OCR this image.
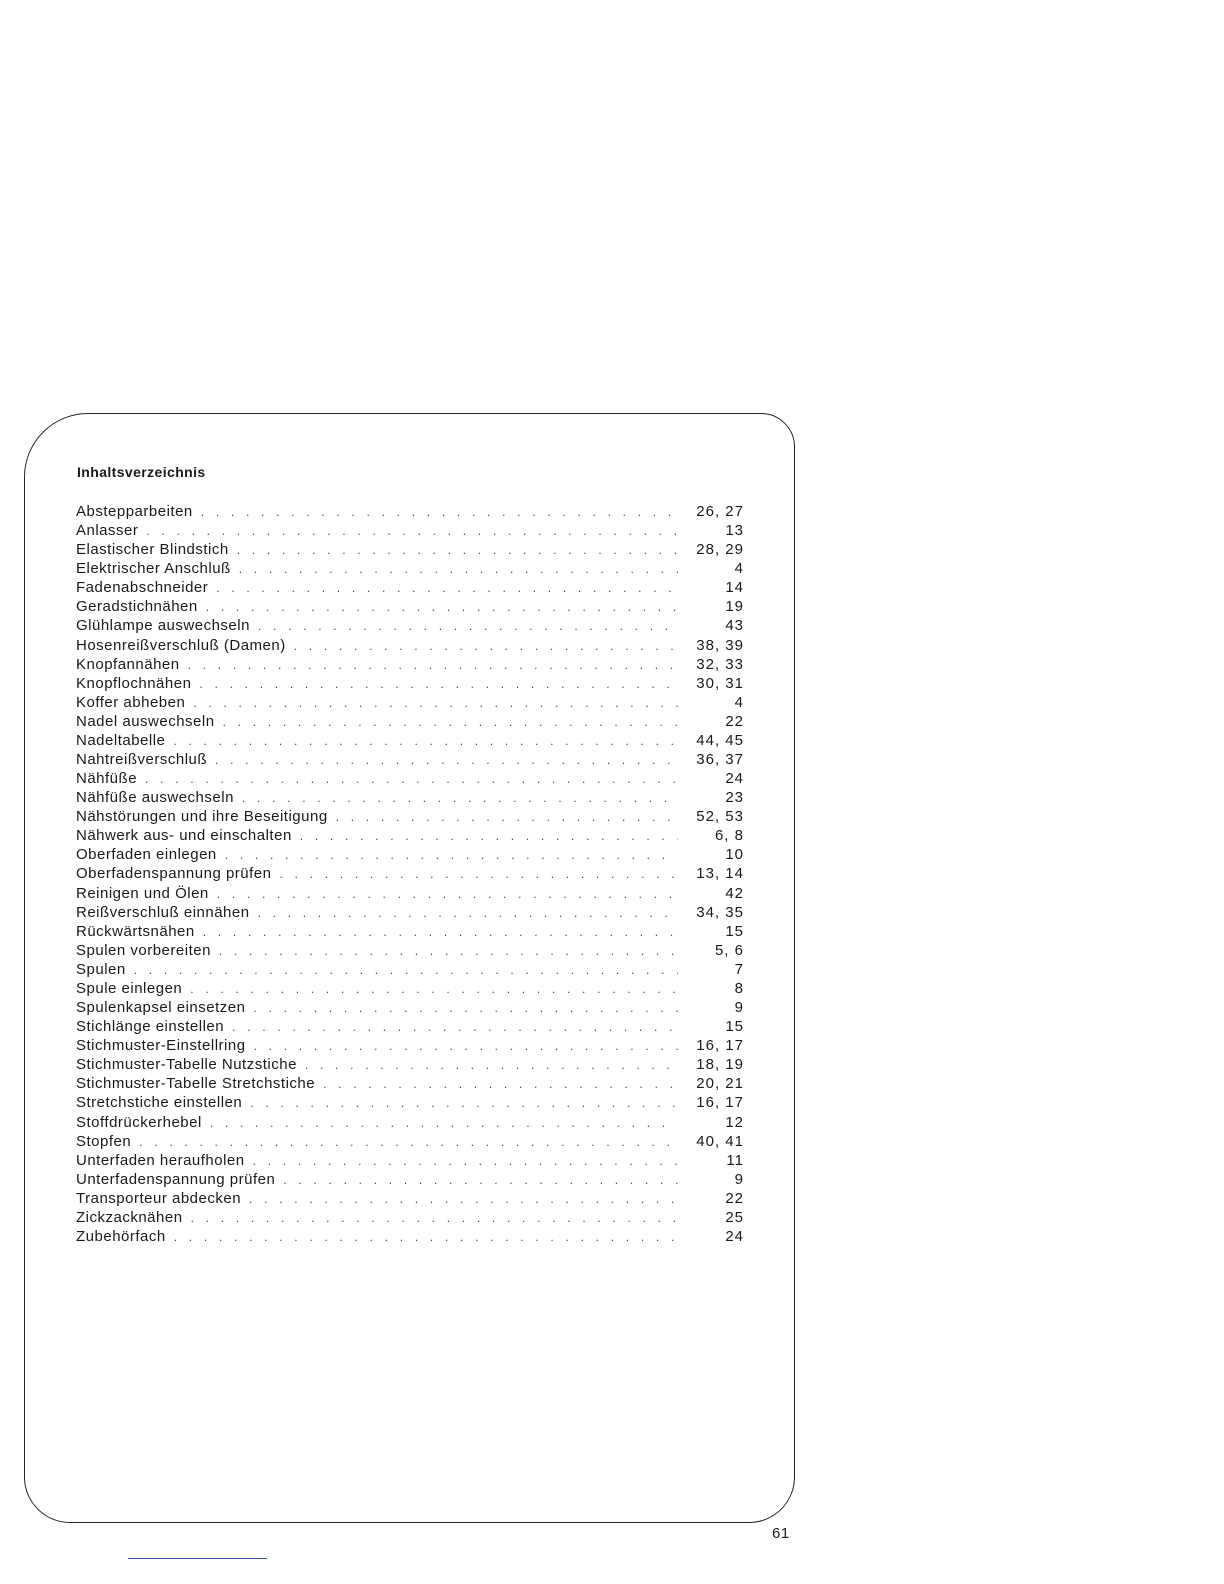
Inhaltsverzeichnis
Abstepparbeiten . . .	26, 27
Anlasser . . .	13
Elastischer Blindstich . . .	28, 29
Elektrischer Anschluß . . .	4
Fadenabschneider . . .	14
Geradstichnähen . . .	19
Glühlampe auswechseln . . .	43
Hosenreißverschluß (Damen) . . .	38, 39
Knopfannähen . . .	32, 33
Knopflochnähen . . .	30, 31
Koffer abheben . . .	4
Nadel auswechseln . . .	22
Nadeltabelle . . .	44, 45
Nahtreißverschluß . . .	36, 37
Nähfüße . . .	24
Nähfüße auswechseln . . .	23
Nähstörungen und ihre Beseitigung . . .	52, 53
Nähwerk aus- und einschalten . . .	6, 8
Oberfaden einlegen . . .	10
Oberfadenspannung prüfen . . .	13, 14
Reinigen und Ölen . . .	42
Reißverschluß einnähen . . .	34, 35
Rückwärtsnähen . . .	15
Spulen vorbereiten . . .	5, 6
Spulen . . .	7
Spule einlegen . . .	8
Spulenkapsel einsetzen . . .	9
Stichlänge einstellen . . .	15
Stichmuster-Einstellring . . .	16, 17
Stichmuster-Tabelle Nutzstiche . . .	18, 19
Stichmuster-Tabelle Stretchstiche . . .	20, 21
Stretchstiche einstellen . . .	16, 17
Stoffdrückerhebel . . .	12
Stopfen . . .	40, 41
Unterfaden heraufholen . . .	11
Unterfadenspannung prüfen . . .	9
Transporteur abdecken . . .	22
Zickzacknähen . . .	25
Zubehörfach . . .	24
61
